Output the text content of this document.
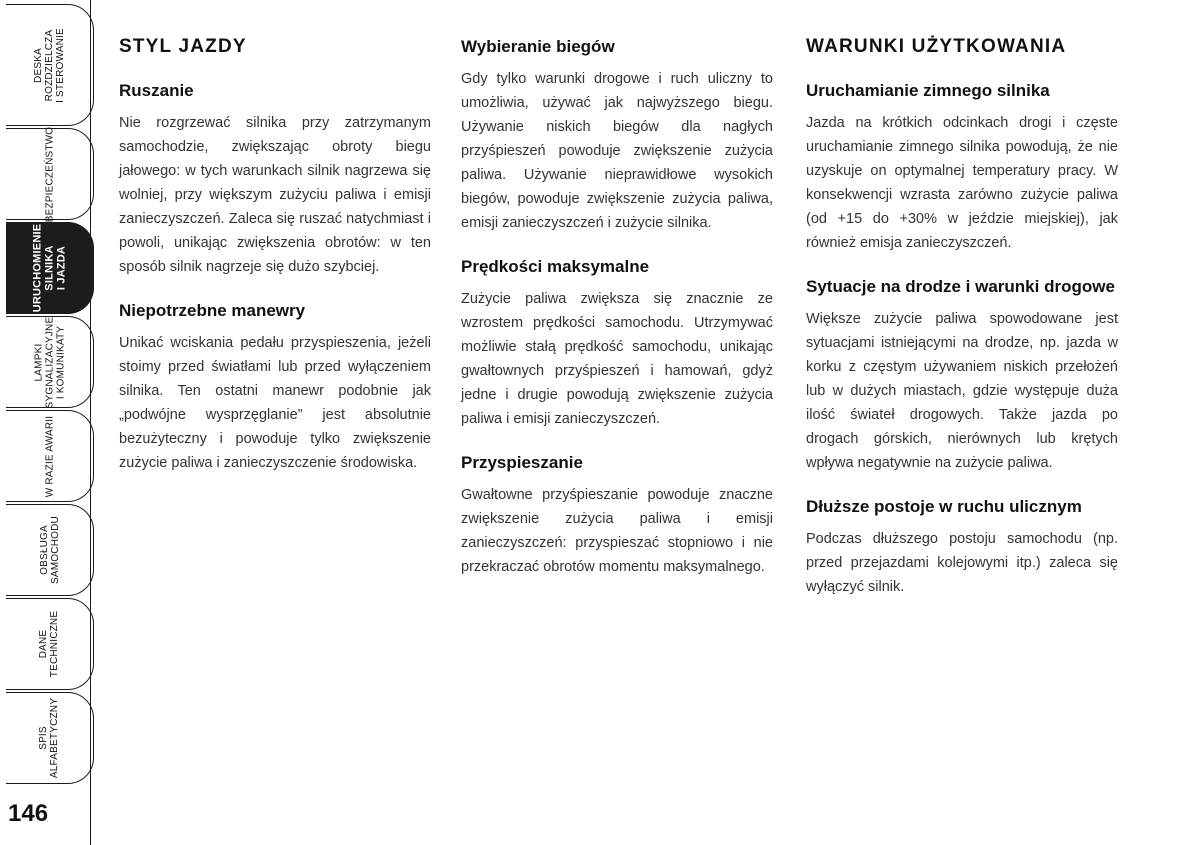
DESKA
ROZDZIELCZA
I STEROWANIE
BEZPIECZEŃSTWO
URUCHOMIENIE
SILNIKA
I JAZDA
LAMPKI
SYGNALIZACYJNE
I KOMUNIKATY
W RAZIE AWARII
OBSŁUGA
SAMOCHODU
DANE
TECHNICZNE
SPIS
ALFABETYCZNY
146
STYL JAZDY
Ruszanie

Nie rozgrzewać silnika przy zatrzymanym samochodzie, zwiększając obroty biegu jałowego: w tych warunkach silnik nagrzewa się wolniej, przy większym zużyciu paliwa i emisji zanieczyszczeń. Zaleca się ruszać natychmiast i powoli, unikając zwiększenia obrotów: w ten sposób silnik nagrzeje się dużo szybciej.

Niepotrzebne manewry

Unikać wciskania pedału przyspieszenia, jeżeli stoimy przed światłami lub przed wyłączeniem silnika. Ten ostatni manewr podobnie jak „podwójne wysprzęglanie” jest absolutnie bezużyteczny i powoduje tylko zwiększenie zużycie paliwa i zanieczyszczenie środowiska.

Wybieranie biegów

Gdy tylko warunki drogowe i ruch uliczny to umożliwia, używać jak najwyższego biegu. Używanie niskich biegów dla nagłych przyśpieszeń powoduje zwiększenie zużycia paliwa. Używanie nieprawidłowe wysokich biegów, powoduje zwiększenie zużycia paliwa, emisji zanieczyszczeń i zużycie silnika.

Prędkości maksymalne

Zużycie paliwa zwiększa się znacznie ze wzrostem prędkości samochodu. Utrzymywać możliwie stałą prędkość samochodu, unikając gwałtownych przyśpieszeń i hamowań, gdyż jedne i drugie powodują zwiększenie zużycia paliwa i emisji zanieczyszczeń.

Przyspieszanie

Gwałtowne przyśpieszanie powoduje znaczne zwiększenie zużycia paliwa i emisji zanieczyszczeń: przyspieszać stopniowo i nie przekraczać obrotów momentu maksymalnego.

WARUNKI UŻYTKOWANIA
Uruchamianie zimnego silnika

Jazda na krótkich odcinkach drogi i częste uruchamianie zimnego silnika powodują, że nie uzyskuje on optymalnej temperatury pracy. W konsekwencji wzrasta zarówno zużycie paliwa (od +15 do +30% w jeździe miejskiej), jak również emisja zanieczyszczeń.

Sytuacje na drodze i warunki drogowe

Większe zużycie paliwa spowodowane jest sytuacjami istniejącymi na drodze, np. jazda w korku z częstym używaniem niskich przełożeń lub w dużych miastach, gdzie występuje duża ilość świateł drogowych. Także jazda po drogach górskich, nierównych lub krętych wpływa negatywnie na zużycie paliwa.

Dłuższe postoje w ruchu ulicznym

Podczas dłuższego postoju samochodu (np. przed przejazdami kolejowymi itp.) zaleca się wyłączyć silnik.
